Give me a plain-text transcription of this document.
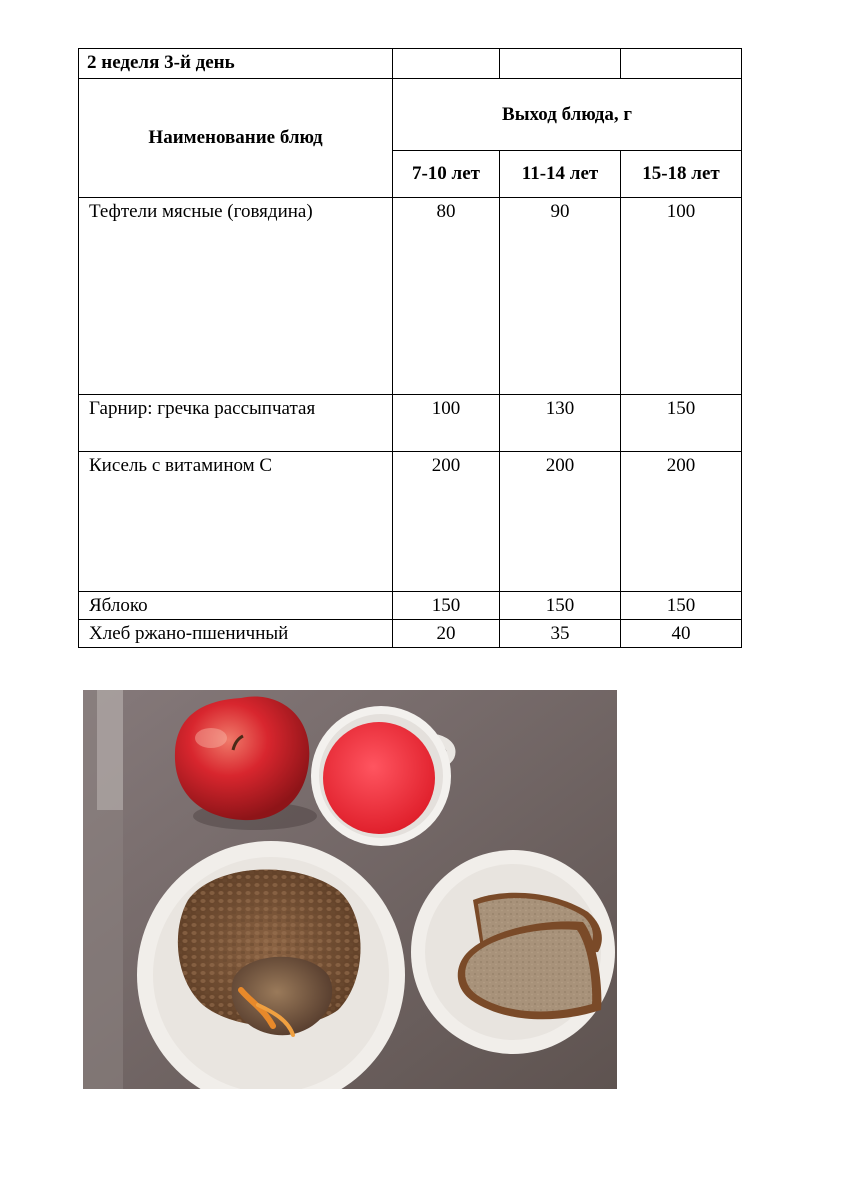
2 неделя 3-й день			
Наименование блюд	Выход блюда, г		
	7-10 лет	11-14 лет	15-18 лет
Тефтели мясные (говядина)	80	90	100
Гарнир: гречка рассыпчатая	100	130	150
Кисель с витамином С	200	200	200
Яблоко	150	150	150
Хлеб ржано-пшеничный	20	35	40
